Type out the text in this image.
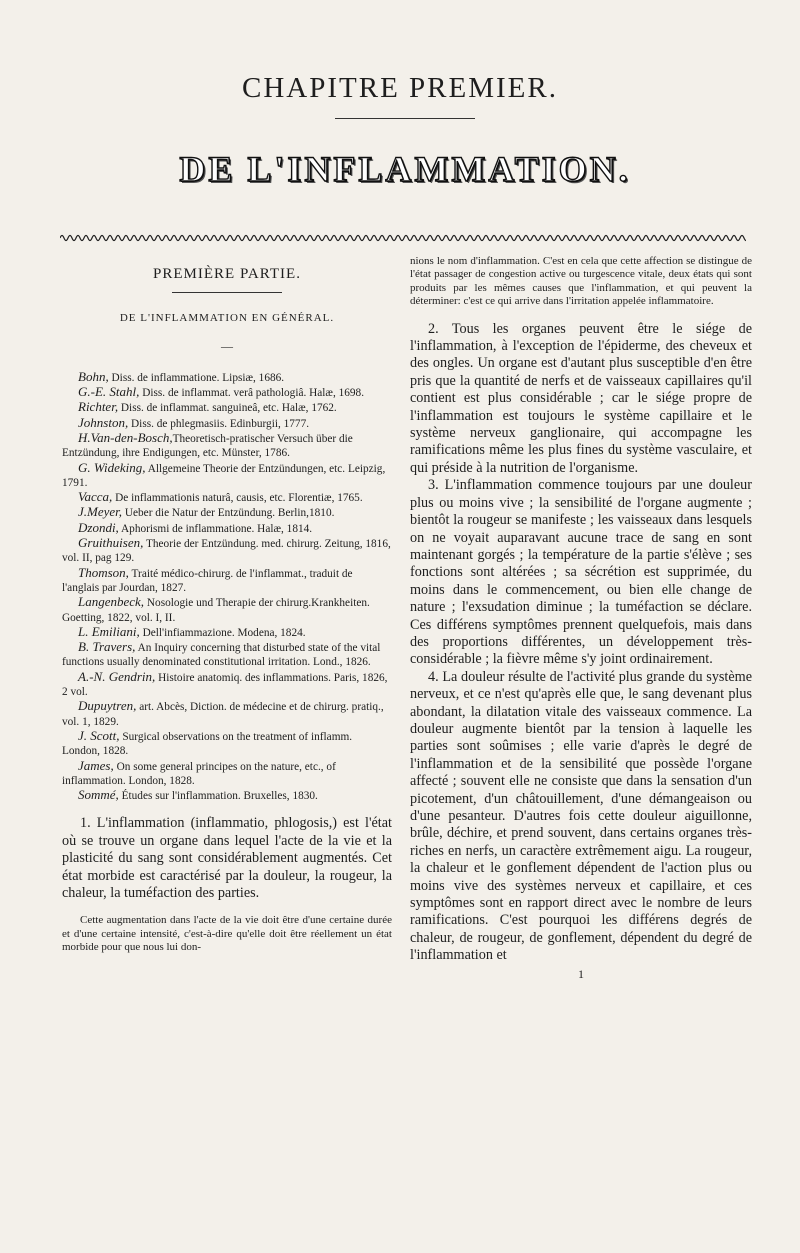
CHAPITRE PREMIER.
DE L'INFLAMMATION.
PREMIÈRE PARTIE.
DE L'INFLAMMATION EN GÉNÉRAL.
—

Bohn, Diss. de inflammatione. Lipsiæ, 1686.

G.-E. Stahl, Diss. de inflammat. verâ pathologiâ. Halæ, 1698.

Richter, Diss. de inflammat. sanguineâ, etc. Halæ, 1762.

Johnston, Diss. de phlegmasiis. Edinburgii, 1777.

H.Van-den-Bosch,Theoretisch-pratischer Versuch über die Entzündung, ihre Endigungen, etc. Münster, 1786.

G. Wideking, Allgemeine Theorie der Entzündungen, etc. Leipzig, 1791.

Vacca, De inflammationis naturâ, causis, etc. Florentiæ, 1765.

J.Meyer, Ueber die Natur der Entzündung. Berlin,1810.

Dzondi, Aphorismi de inflammatione. Halæ, 1814.

Gruithuisen, Theorie der Entzündung. med. chirurg. Zeitung, 1816, vol. II, pag 129.

Thomson, Traité médico-chirurg. de l'inflammat., traduit de l'anglais par Jourdan, 1827.

Langenbeck, Nosologie und Therapie der chirurg.Krankheiten. Goetting, 1822, vol. I, II.

L. Emiliani, Dell'infiammazione. Modena, 1824.

B. Travers, An Inquiry concerning that disturbed state of the vital functions usually denominated constitutional irritation. Lond., 1826.

A.-N. Gendrin, Histoire anatomiq. des inflammations. Paris, 1826, 2 vol.

Dupuytren, art. Abcès, Diction. de médecine et de chirurg. pratiq., vol. 1, 1829.

J. Scott, Surgical observations on the treatment of inflamm. London, 1828.

James, On some general principes on the nature, etc., of inflammation. London, 1828.

Sommé, Études sur l'inflammation. Bruxelles, 1830.

1. L'inflammation (inflammatio, phlogosis,) est l'état où se trouve un organe dans lequel l'acte de la vie et la plasticité du sang sont considérablement augmentés. Cet état morbide est caractérisé par la douleur, la rougeur, la chaleur, la tuméfaction des parties.

Cette augmentation dans l'acte de la vie doit être d'une certaine durée et d'une certaine intensité, c'est-à-dire qu'elle doit être réellement un état morbide pour que nous lui don-

nions le nom d'inflammation. C'est en cela que cette affection se distingue de l'état passager de congestion active ou turgescence vitale, deux états qui sont produits par les mêmes causes que l'inflammation, et qui peuvent la déterminer: c'est ce qui arrive dans l'irritation appelée inflammatoire.

2. Tous les organes peuvent être le siége de l'inflammation, à l'exception de l'épiderme, des cheveux et des ongles. Un organe est d'autant plus susceptible d'en être pris que la quantité de nerfs et de vaisseaux capillaires qu'il contient est plus considérable ; car le siége propre de l'inflammation est toujours le système capillaire et le système nerveux ganglionaire, qui accompagne les ramifications même les plus fines du système vasculaire, et qui préside à la nutrition de l'organisme.

3. L'inflammation commence toujours par une douleur plus ou moins vive ; la sensibilité de l'organe augmente ; bientôt la rougeur se manifeste ; les vaisseaux dans lesquels on ne voyait auparavant aucune trace de sang en sont maintenant gorgés ; la température de la partie s'élève ; ses fonctions sont altérées ; sa sécrétion est supprimée, du moins dans le commencement, ou bien elle change de nature ; l'exsudation diminue ; la tuméfaction se déclare. Ces différens symptômes prennent quelquefois, mais dans des proportions différentes, un développement très-considérable ; la fièvre même s'y joint ordinairement.

4. La douleur résulte de l'activité plus grande du système nerveux, et ce n'est qu'après elle que, le sang devenant plus abondant, la dilatation vitale des vaisseaux commence. La douleur augmente bientôt par la tension à laquelle les parties sont soûmises ; elle varie d'après le degré de l'inflammation et de la sensibilité que possède l'organe affecté ; souvent elle ne consiste que dans la sensation d'un picotement, d'un châtouillement, d'une démangeaison ou d'une pesanteur. D'autres fois cette douleur aiguillonne, brûle, déchire, et prend souvent, dans certains organes très-riches en nerfs, un caractère extrêmement aigu. La rougeur, la chaleur et le gonflement dépendent de l'action plus ou moins vive des systèmes nerveux et capillaire, et ces symptômes sont en rapport direct avec le nombre de leurs ramifications. C'est pourquoi les différens degrés de chaleur, de rougeur, de gonflement, dépendent du degré de l'inflammation et

1
